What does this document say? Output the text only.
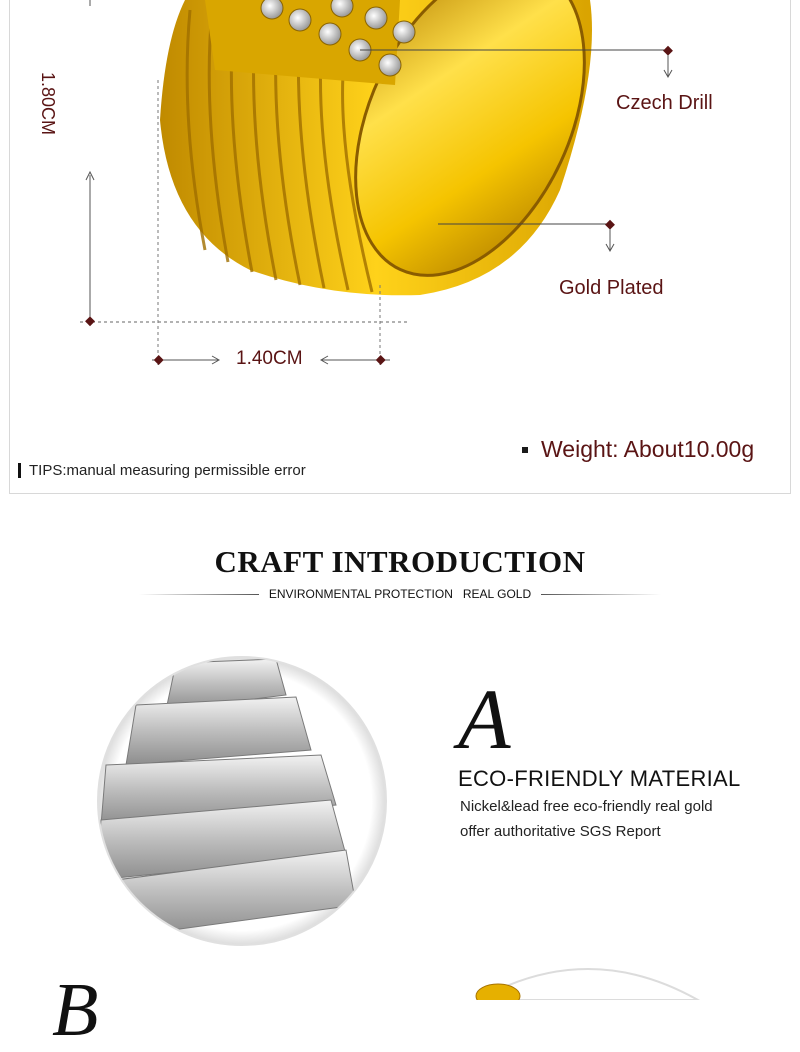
Czech Drill
Gold Plated
1.80CM
1.40CM
Weight: About10.00g
TIPS:manual measuring permissible error
CRAFT INTRODUCTION
ENVIRONMENTAL PROTECTION   REAL GOLD
A
ECO-FRIENDLY MATERIAL
Nickel&lead free eco-friendly real gold
offer authoritative SGS Report
B
